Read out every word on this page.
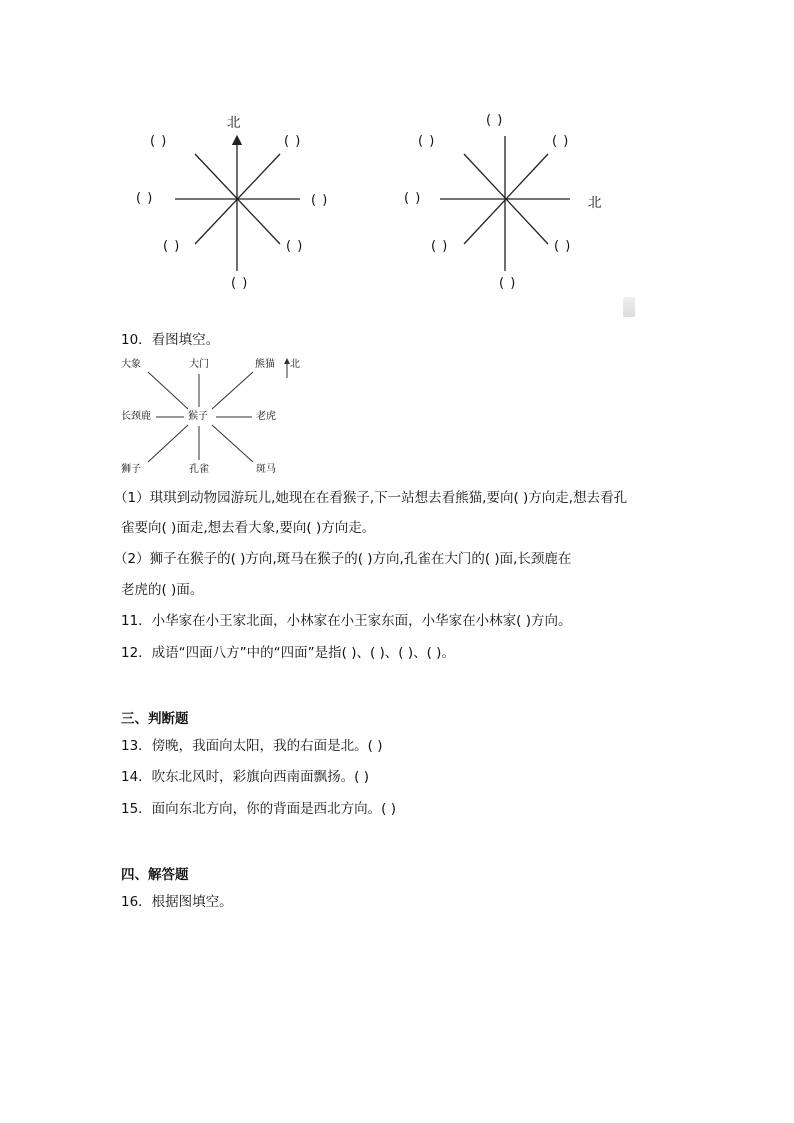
北
( )	( )
( )	( )
( )	( )
( )
( )
( )	( )
( )	北
( )	( )
( )
10．看图填空。
大象	大门	熊猫 北
长颈鹿	猴子	老虎
狮子	孔雀	斑马
（1）琪琪到动物园游玩儿,她现在在看猴子,下一站想去看熊猫,要向( )方向走,想去看孔
雀要向( )面走,想去看大象,要向( )方向走。
（2）狮子在猴子的( )方向,斑马在猴子的( )方向,孔雀在大门的( )面,长颈鹿在
老虎的( )面。
11．小华家在小王家北面，小林家在小王家东面，小华家在小林家( )方向。
12．成语“四面八方”中的“四面”是指( )、( )、( )、( )。
三、判断题
13．傍晚，我面向太阳，我的右面是北。( )
14．吹东北风时，彩旗向西南面飘扬。( )
15．面向东北方向，你的背面是西北方向。( )
四、解答题
16．根据图填空。
